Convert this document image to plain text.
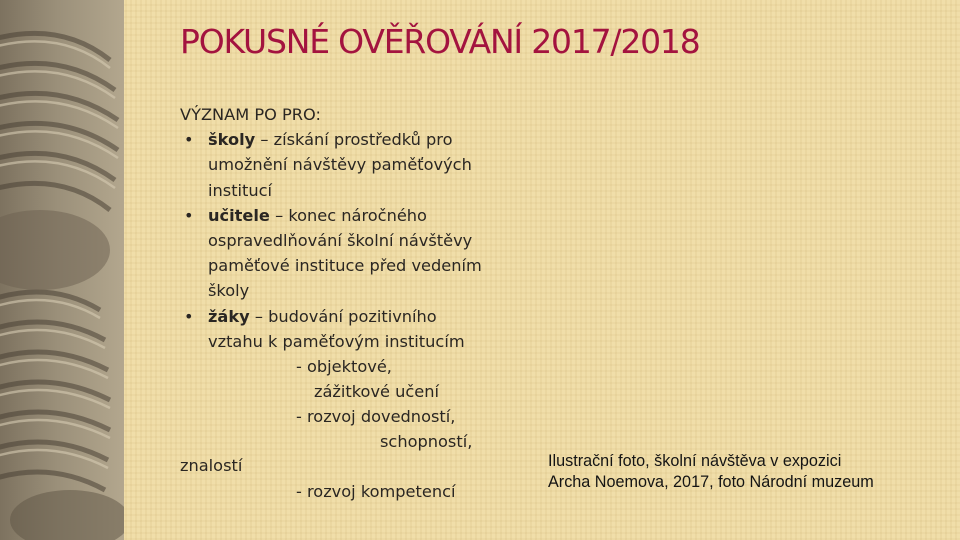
POKUSNÉ OVĚŘOVÁNÍ 2017/2018
VÝZNAM PO PRO:
• školy – získání prostředků pro
umožnění návštěvy paměťových
institucí
• učitele – konec náročného
ospravedlňování školní návštěvy
paměťové instituce před vedením
školy
• žáky – budování pozitivního
vztahu k paměťovým institucím
- objektové,
zážitkové učení
- rozvoj dovedností,
schopností,
znalostí
- rozvoj kompetencí
Ilustrační foto, školní návštěva v expozici
Archa Noemova, 2017, foto Národní muzeum
